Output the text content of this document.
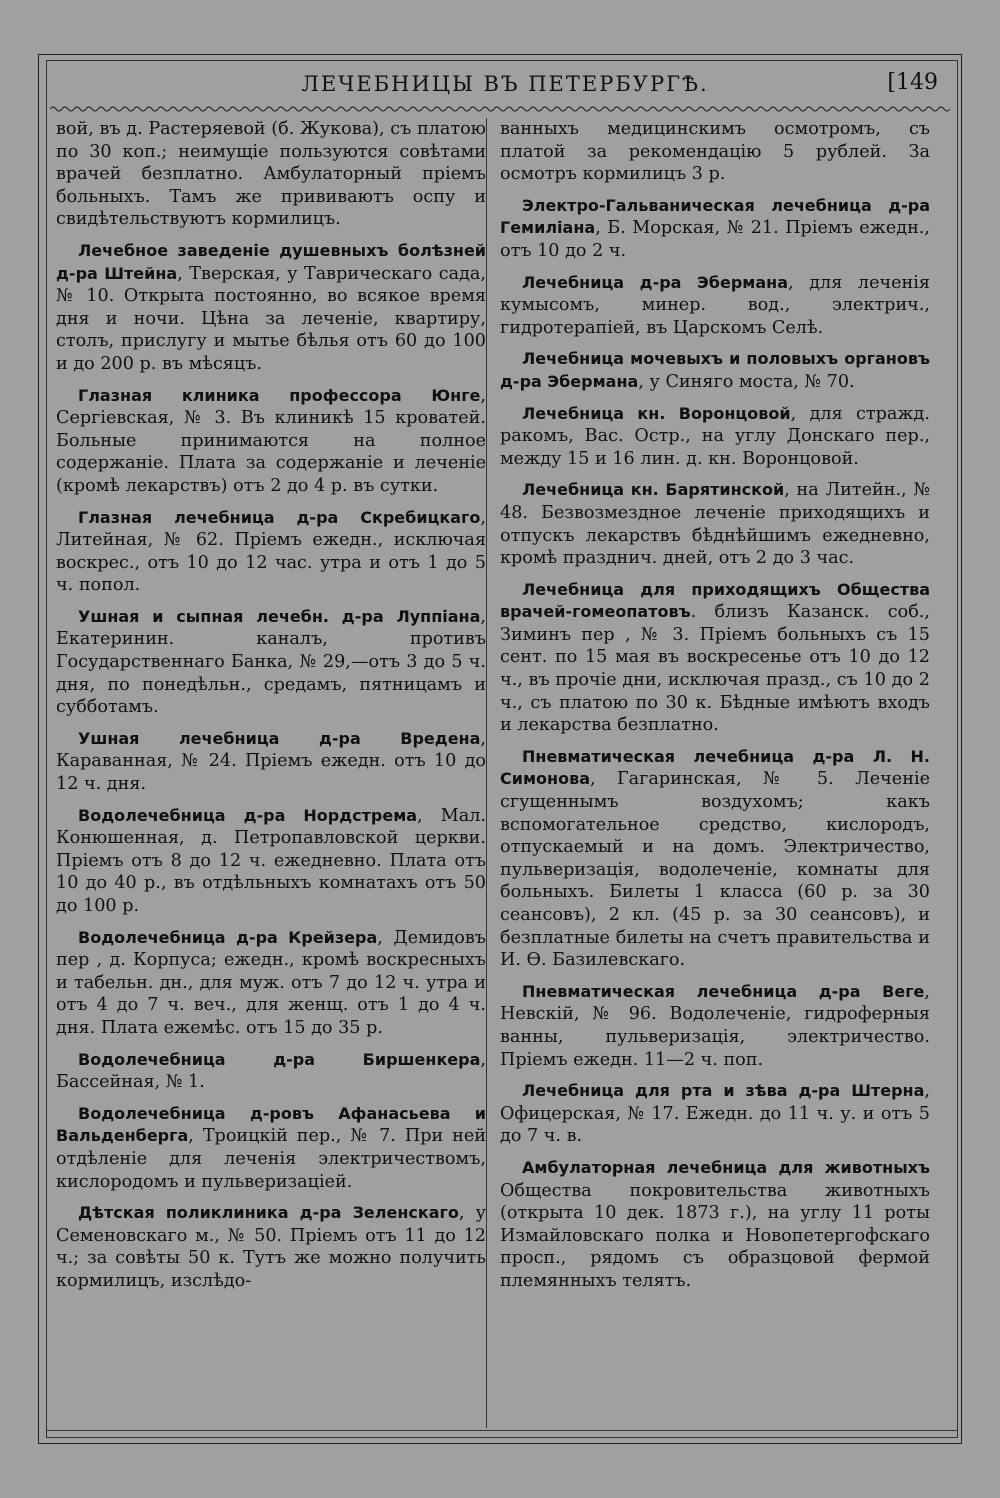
ЛЕЧЕБНИЦЫ ВЪ ПЕТЕРБУРГѢ.	[149

вой, въ д. Растеряевой (б. Жукова), съ платою по 30 коп.; неимущіе пользуются совѣтами врачей безплатно. Амбулаторный пріемъ больныхъ. Тамъ же прививаютъ оспу и свидѣтельствуютъ кормилицъ.

Лечебное заведеніе душевныхъ болѣзней д-ра Штейна, Тверская, у Таврическаго сада, № 10. Открыта постоянно, во всякое время дня и ночи. Цѣна за леченіе, квартиру, столъ, прислугу и мытье бѣлья отъ 60 до 100 и до 200 р. въ мѣсяцъ.

Глазная клиника профессора Юнге, Сергіевская, № 3. Въ клиникѣ 15 кроватей. Больные принимаются на полное содержаніе. Плата за содержаніе и леченіе (кромѣ лекарствъ) отъ 2 до 4 р. въ сутки.

Глазная лечебница д-ра Скребицкаго, Литейная, № 62. Пріемъ ежедн., исключая воскрес., отъ 10 до 12 час. утра и отъ 1 до 5 ч. попол.

Ушная и сыпная лечебн. д-ра Луппіана, Екатеринин. каналъ, противъ Государственнаго Банка, № 29,—отъ 3 до 5 ч. дня, по понедѣльн., средамъ, пятницамъ и субботамъ.

Ушная лечебница д-ра Вредена, Караванная, № 24. Пріемъ ежедн. отъ 10 до 12 ч. дня.

Водолечебница д-ра Нордстрема, Мал. Конюшенная, д. Петропавловской церкви. Пріемъ отъ 8 до 12 ч. ежедневно. Плата отъ 10 до 40 р., въ отдѣльныхъ комнатахъ отъ 50 до 100 р.

Водолечебница д-ра Крейзера, Демидовъ пер , д. Корпуса; ежедн., кромѣ воскресныхъ и табельн. дн., для муж. отъ 7 до 12 ч. утра и отъ 4 до 7 ч. веч., для женщ. отъ 1 до 4 ч. дня. Плата ежемѣс. отъ 15 до 35 р.

Водолечебница д-ра Биршенкера, Бассейная, № 1.

Водолечебница д-ровъ Афанасьева и Вальденберга, Троицкій пер., № 7. При ней отдѣленіе для леченія электричествомъ, кислородомъ и пульверизаціей.

Дѣтская поликлиника д-ра Зеленскаго, у Семеновскаго м., № 50. Пріемъ отъ 11 до 12 ч.; за совѣты 50 к. Тутъ же можно получить кормилицъ, изслѣдо-

ванныхъ медицинскимъ осмотромъ, съ платой за рекомендацію 5 рублей. За осмотръ кормилицъ 3 р.

Электро-Гальваническая лечебница д-ра Гемиліана, Б. Морская, № 21. Пріемъ ежедн., отъ 10 до 2 ч.

Лечебница д-ра Эбермана, для леченія кумысомъ, минер. вод., электрич., гидротерапіей, въ Царскомъ Селѣ.

Лечебница мочевыхъ и половыхъ органовъ д-ра Эбермана, у Синяго моста, № 70.

Лечебница кн. Воронцовой, для стражд. ракомъ, Вас. Остр., на углу Донскаго пер., между 15 и 16 лин. д. кн. Воронцовой.

Лечебница кн. Барятинской, на Литейн., № 48. Безвозмездное леченіе приходящихъ и отпускъ лекарствъ бѣднѣйшимъ ежедневно, кромѣ празднич. дней, отъ 2 до 3 час.

Лечебница для приходящихъ Общества врачей-гомеопатовъ. близъ Казанск. соб., Зиминъ пер , № 3. Пріемъ больныхъ съ 15 сент. по 15 мая въ воскресенье отъ 10 до 12 ч., въ прочіе дни, исключая празд., съ 10 до 2 ч., съ платою по 30 к. Бѣдные имѣютъ входъ и лекарства безплатно.

Пневматическая лечебница д-ра Л. Н. Симонова, Гагаринская, № 5. Леченіе сгущеннымъ воздухомъ; какъ вспомогательное средство, кислородъ, отпускаемый и на домъ. Электричество, пульверизація, водолеченіе, комнаты для больныхъ. Билеты 1 класса (60 р. за 30 сеансовъ), 2 кл. (45 р. за 30 сеансовъ), и безплатные билеты на счетъ правительства и И. Ѳ. Базилевскаго.

Пневматическая лечебница д-ра Веге, Невскій, № 96. Водолеченіе, гидроферныя ванны, пульверизація, электричество. Пріемъ ежедн. 11—2 ч. поп.

Лечебница для рта и зѣва д-ра Штерна, Офицерская, № 17. Ежедн. до 11 ч. у. и отъ 5 до 7 ч. в.

Амбулаторная лечебница для животныхъ Общества покровительства животныхъ (открыта 10 дек. 1873 г.), на углу 11 роты Измайловскаго полка и Новопетергофскаго просп., рядомъ съ образцовой фермой племянныхъ телятъ.
